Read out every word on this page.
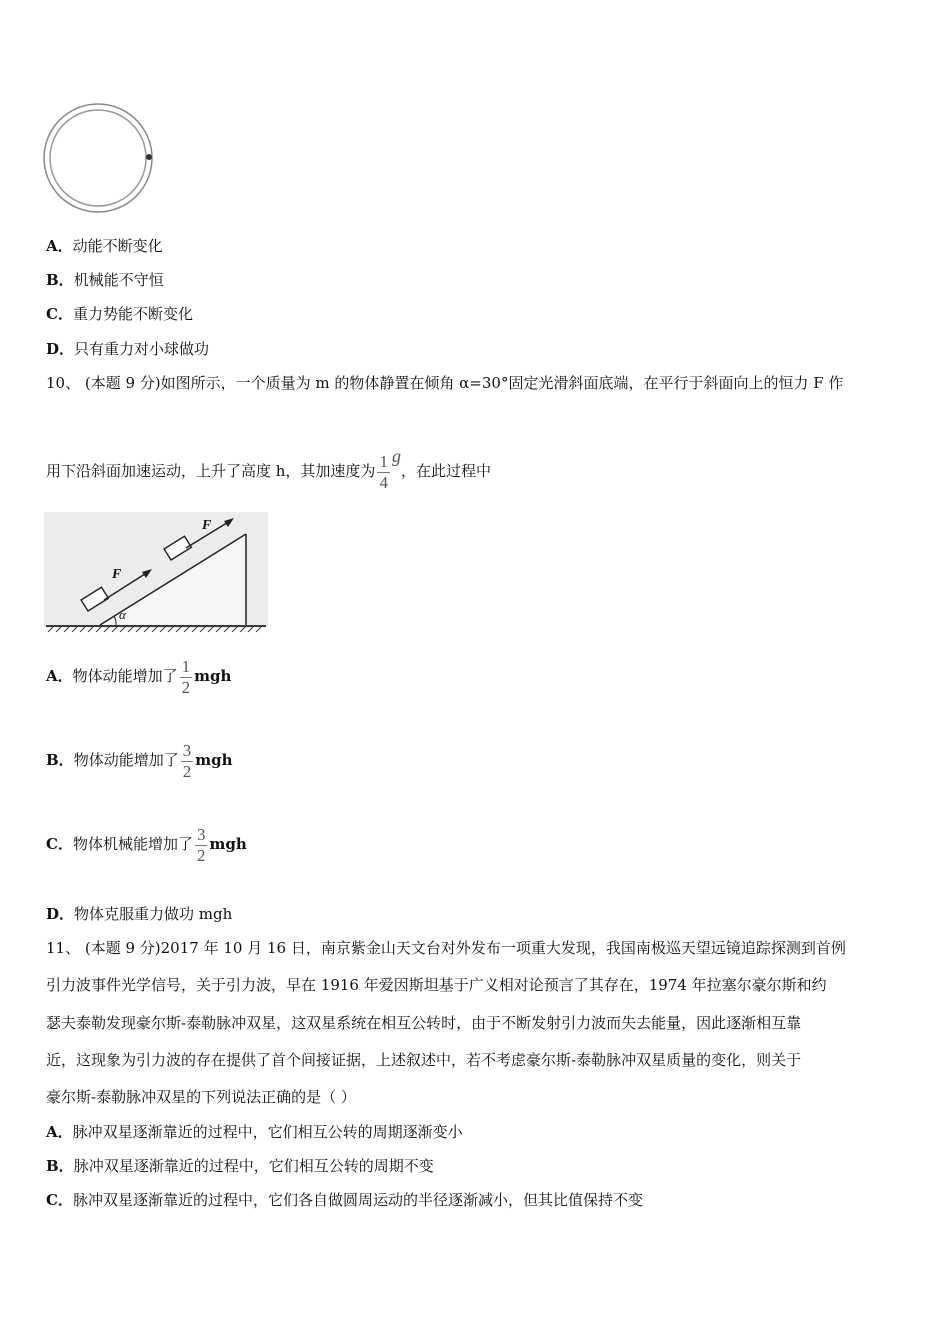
A．动能不断变化
B．机械能不守恒
C．重力势能不断变化
D．只有重力对小球做功
10、 (本题 9 分)如图所示，一个质量为 m 的物体静置在倾角 α=30°固定光滑斜面底端，在平行于斜面向上的恒力 F 作
用下沿斜面加速运动，上升了高度 h，其加速度为 $\frac{1}{4}$ g，在此过程中
F
F
α
A．物体动能增加了 $\frac{1}{2}$ mgh
B．物体动能增加了 $\frac{3}{2}$ mgh
C．物体机械能增加了 $\frac{3}{2}$ mgh
D．物体克服重力做功 mgh
11、 (本题 9 分)2017 年 10 月 16 日，南京紫金山天文台对外发布一项重大发现，我国南极巡天望远镜追踪探测到首例
引力波事件光学信号，关于引力波，早在 1916 年爱因斯坦基于广义相对论预言了其存在，1974 年拉塞尔豪尔斯和约
瑟夫泰勒发现豪尔斯-泰勒脉冲双星，这双星系统在相互公转时，由于不断发射引力波而失去能量，因此逐渐相互靠
近，这现象为引力波的存在提供了首个间接证据，上述叙述中，若不考虑豪尔斯-泰勒脉冲双星质量的变化，则关于
豪尔斯-泰勒脉冲双星的下列说法正确的是（ ）
A．脉冲双星逐渐靠近的过程中，它们相互公转的周期逐渐变小
B．脉冲双星逐渐靠近的过程中，它们相互公转的周期不变
C．脉冲双星逐渐靠近的过程中，它们各自做圆周运动的半径逐渐减小，但其比值保持不变
